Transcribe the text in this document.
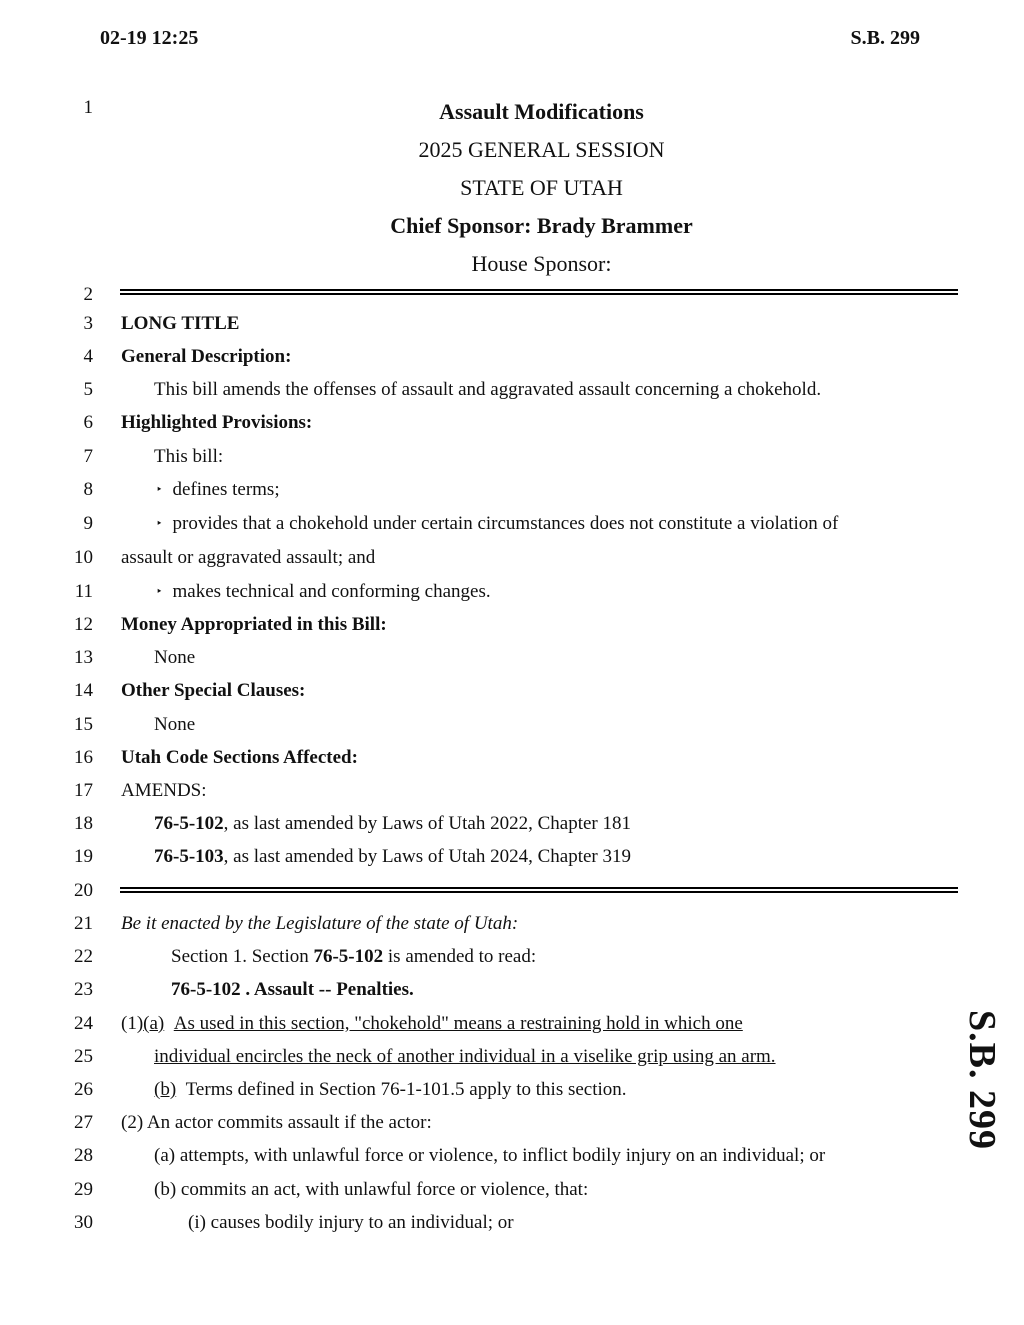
02-19 12:25	S.B. 299
1
2
3
4
5
6
7
8
9
10
11
12
13
14
15
16
17
18
19
20
21
22
23
24
25
26
27
28
29
30
Assault Modifications
2025 GENERAL SESSION
STATE OF UTAH
Chief Sponsor: Brady Brammer
House Sponsor:
LONG TITLE
General Description:
This bill amends the offenses of assault and aggravated assault concerning a chokehold.
Highlighted Provisions:
This bill:
‣ defines terms;
‣ provides that a chokehold under certain circumstances does not constitute a violation of
assault or aggravated assault; and
‣ makes technical and conforming changes.
Money Appropriated in this Bill:
None
Other Special Clauses:
None
Utah Code Sections Affected:
AMENDS:
76-5-102, as last amended by Laws of Utah 2022, Chapter 181
76-5-103, as last amended by Laws of Utah 2024, Chapter 319
Be it enacted by the Legislature of the state of Utah:
Section 1. Section 76-5-102 is amended to read:
76-5-102 . Assault -- Penalties.
(1)(a) As used in this section, "chokehold" means a restraining hold in which one
individual encircles the neck of another individual in a viselike grip using an arm.
(b) Terms defined in Section 76-1-101.5 apply to this section.
(2) An actor commits assault if the actor:
(a) attempts, with unlawful force or violence, to inflict bodily injury on an individual; or
(b) commits an act, with unlawful force or violence, that:
(i) causes bodily injury to an individual; or
S.B. 299
